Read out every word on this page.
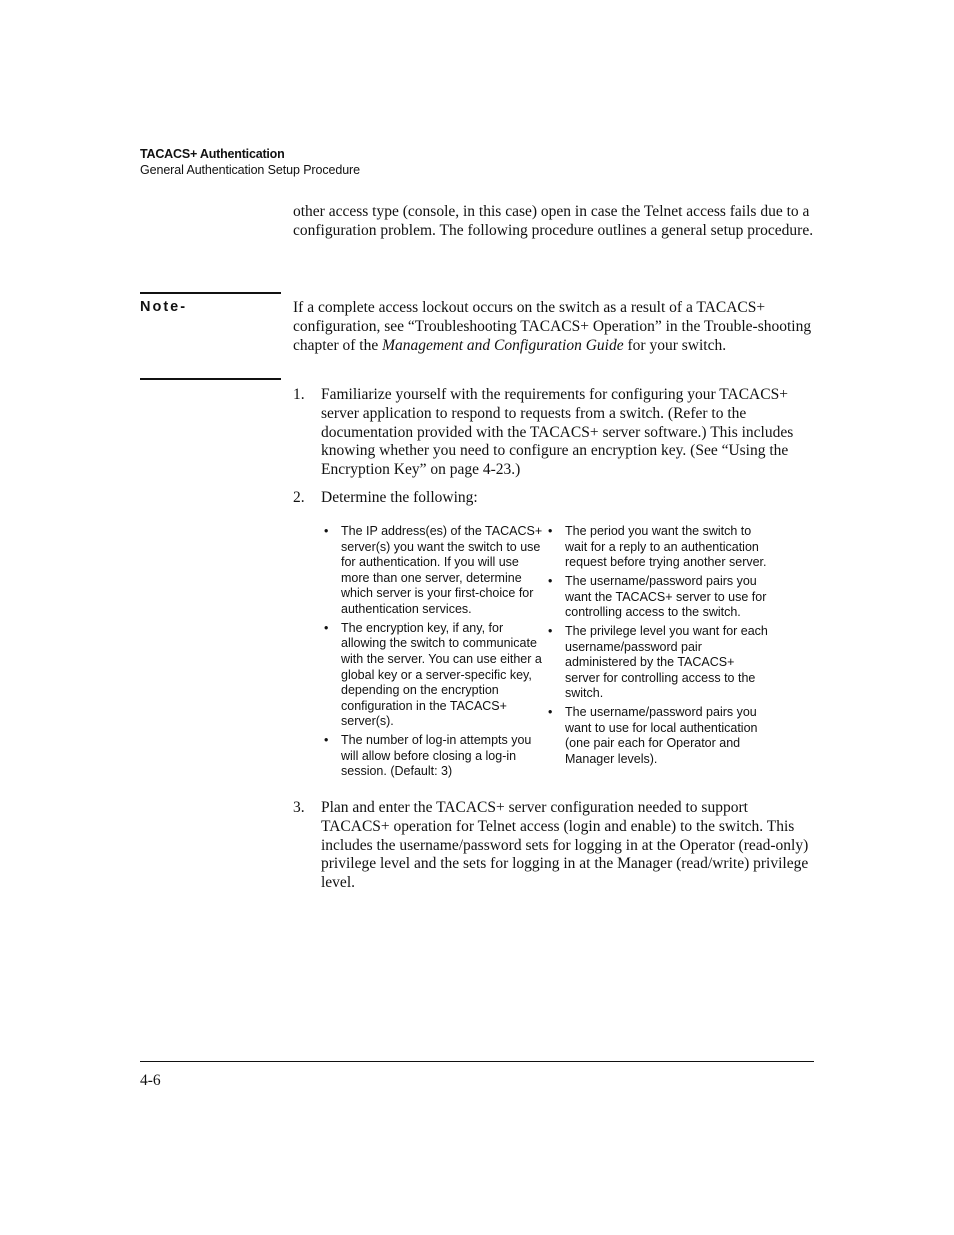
TACACS+ Authentication
General Authentication Setup Procedure

other access type (console, in this case) open in case the Telnet access fails due to a configuration problem. The following procedure outlines a general setup procedure.

Note-	If a complete access lockout occurs on the switch as a result of a TACACS+ configuration, see “Troubleshooting TACACS+ Operation” in the Trouble-shooting chapter of the Management and Configuration Guide for your switch.

1. Familiarize yourself with the requirements for configuring your TACACS+ server application to respond to requests from a switch. (Refer to the documentation provided with the TACACS+ server software.) This includes knowing whether you need to configure an encryption key. (See “Using the Encryption Key” on page 4-23.)
2. Determine the following:
• The IP address(es) of the TACACS+ server(s) you want the switch to use for authentication. If you will use more than one server, determine which server is your first-choice for authentication services.
• The encryption key, if any, for allowing the switch to communicate with the server. You can use either a global key or a server-specific key, depending on the encryption configuration in the TACACS+ server(s).
• The number of log-in attempts you will allow before closing a log-in session. (Default: 3)
• The period you want the switch to wait for a reply to an authentication request before trying another server.
• The username/password pairs you want the TACACS+ server to use for controlling access to the switch.
• The privilege level you want for each username/password pair administered by the TACACS+ server for controlling access to the switch.
• The username/password pairs you want to use for local authentication (one pair each for Operator and Manager levels).
3. Plan and enter the TACACS+ server configuration needed to support TACACS+ operation for Telnet access (login and enable) to the switch. This includes the username/password sets for logging in at the Operator (read-only) privilege level and the sets for logging in at the Manager (read/write) privilege level.
4-6
